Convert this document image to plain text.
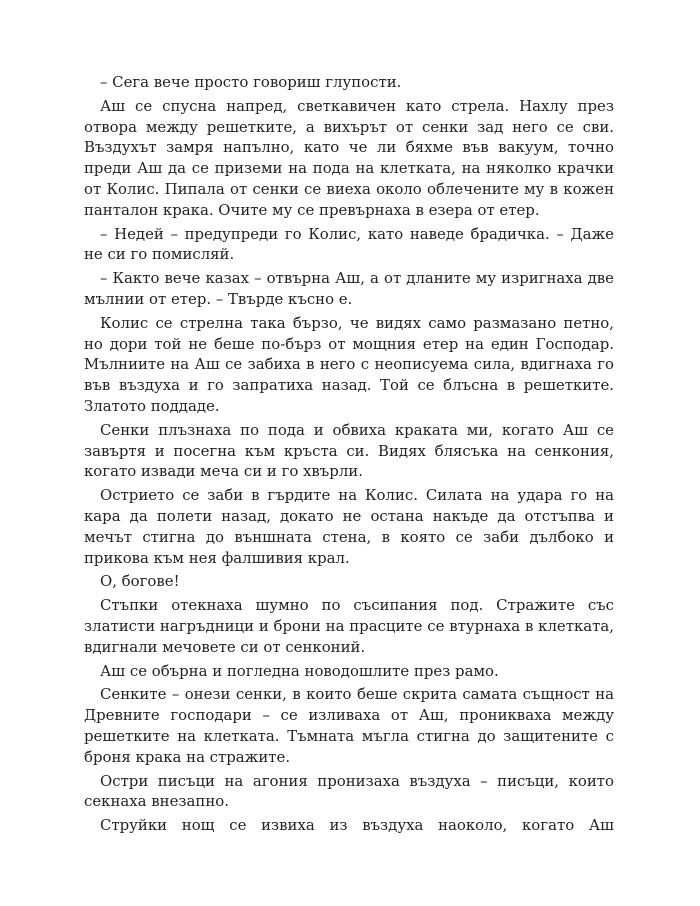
– Сега вече просто говориш глупости.

Аш се спусна напред, светкавичен като стрела. Нахлу през отвора между решетките, а вихърът от сенки зад него се сви. Въздухът замря напълно, като че ли бяхме във вакуум, точно преди Аш да се приземи на пода на клетката, на няколко крачки от Колис. Пипала от сенки се виеха около облечените му в кожен панталон крака. Очите му се превърнаха в езера от етер.

– Недей – предупреди го Колис, като наведе брадичка. – Даже не си го помисляй.

– Както вече казах – отвърна Аш, а от дланите му изригнаха две мълнии от етер. – Твърде късно е.

Колис се стрелна така бързо, че видях само размазано петно, но дори той не беше по-бърз от мощния етер на един Господар. Мълниите на Аш се забиха в него с неописуема сила, вдигнаха го във въздуха и го запратиха назад. Той се блъсна в решетките. Златото поддаде.

Сенки плъзнаха по пода и обвиха краката ми, когато Аш се завъртя и посегна към кръста си. Видях блясъка на сенкония, когато извади меча си и го хвърли.

Острието се заби в гърдите на Колис. Силата на удара го на кара да полети назад, докато не остана накъде да отстъпва и мечът стигна до външната стена, в която се заби дълбоко и прикова към нея фалшивия крал.

О, богове!

Стъпки отекнаха шумно по съсипания под. Стражите със златисти нагръдници и брони на прасците се втурнаха в клетката, вдигнали мечовете си от сенконий.

Аш се обърна и погледна новодошлите през рамо.

Сенките – онези сенки, в които беше скрита самата същност на Древните господари – се изливаха от Аш, проникваха между решетките на клетката. Тъмната мъгла стигна до защитените с броня крака на стражите.

Остри писъци на агония пронизаха въздуха – писъци, които секнаха внезапно.

Струйки нощ се извиха из въздуха наоколо, когато Аш
